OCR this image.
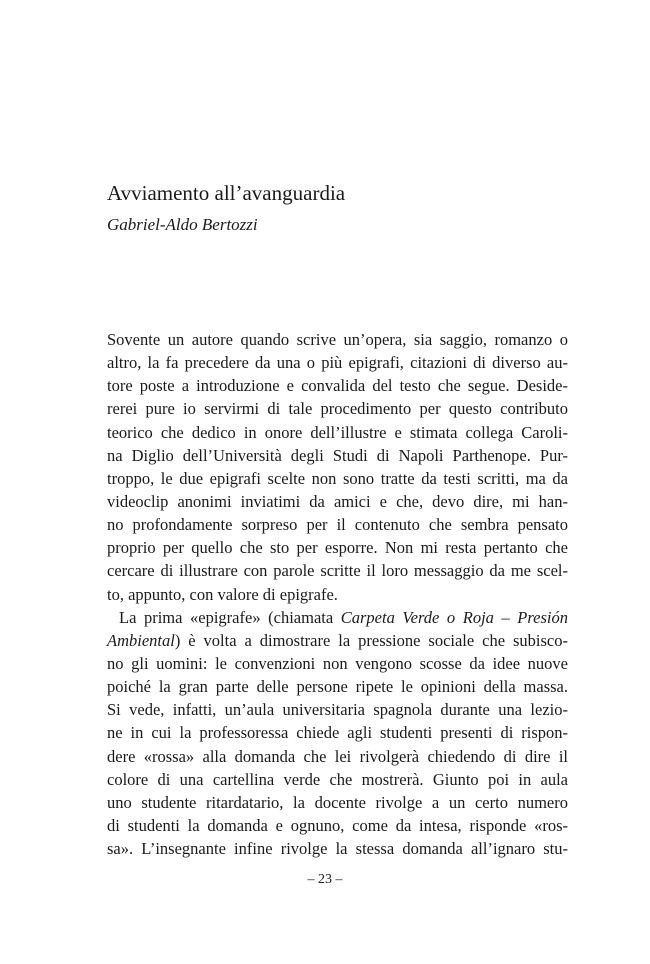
Avviamento all’avanguardia
Gabriel-Aldo Bertozzi
Sovente un autore quando scrive un’opera, sia saggio, romanzo o
altro, la fa precedere da una o più epigrafi, citazioni di diverso au-
tore poste a introduzione e convalida del testo che segue. Deside-
rerei pure io servirmi di tale procedimento per questo contributo
teorico che dedico in onore dell’illustre e stimata collega Caroli-
na Diglio dell’Università degli Studi di Napoli Parthenope. Pur-
troppo, le due epigrafi scelte non sono tratte da testi scritti, ma da
videoclip anonimi inviatimi da amici e che, devo dire, mi han-
no profondamente sorpreso per il contenuto che sembra pensato
proprio per quello che sto per esporre. Non mi resta pertanto che
cercare di illustrare con parole scritte il loro messaggio da me scel-
to, appunto, con valore di epigrafe.
La prima «epigrafe» (chiamata Carpeta Verde o Roja – Presión
Ambiental) è volta a dimostrare la pressione sociale che subisco-
no gli uomini: le convenzioni non vengono scosse da idee nuove
poiché la gran parte delle persone ripete le opinioni della massa.
Si vede, infatti, un’aula universitaria spagnola durante una lezio-
ne in cui la professoressa chiede agli studenti presenti di rispon-
dere «rossa» alla domanda che lei rivolgerà chiedendo di dire il
colore di una cartellina verde che mostrerà. Giunto poi in aula
uno studente ritardatario, la docente rivolge a un certo numero
di studenti la domanda e ognuno, come da intesa, risponde «ros-
sa». L’insegnante infine rivolge la stessa domanda all’ignaro stu-
– 23 –
